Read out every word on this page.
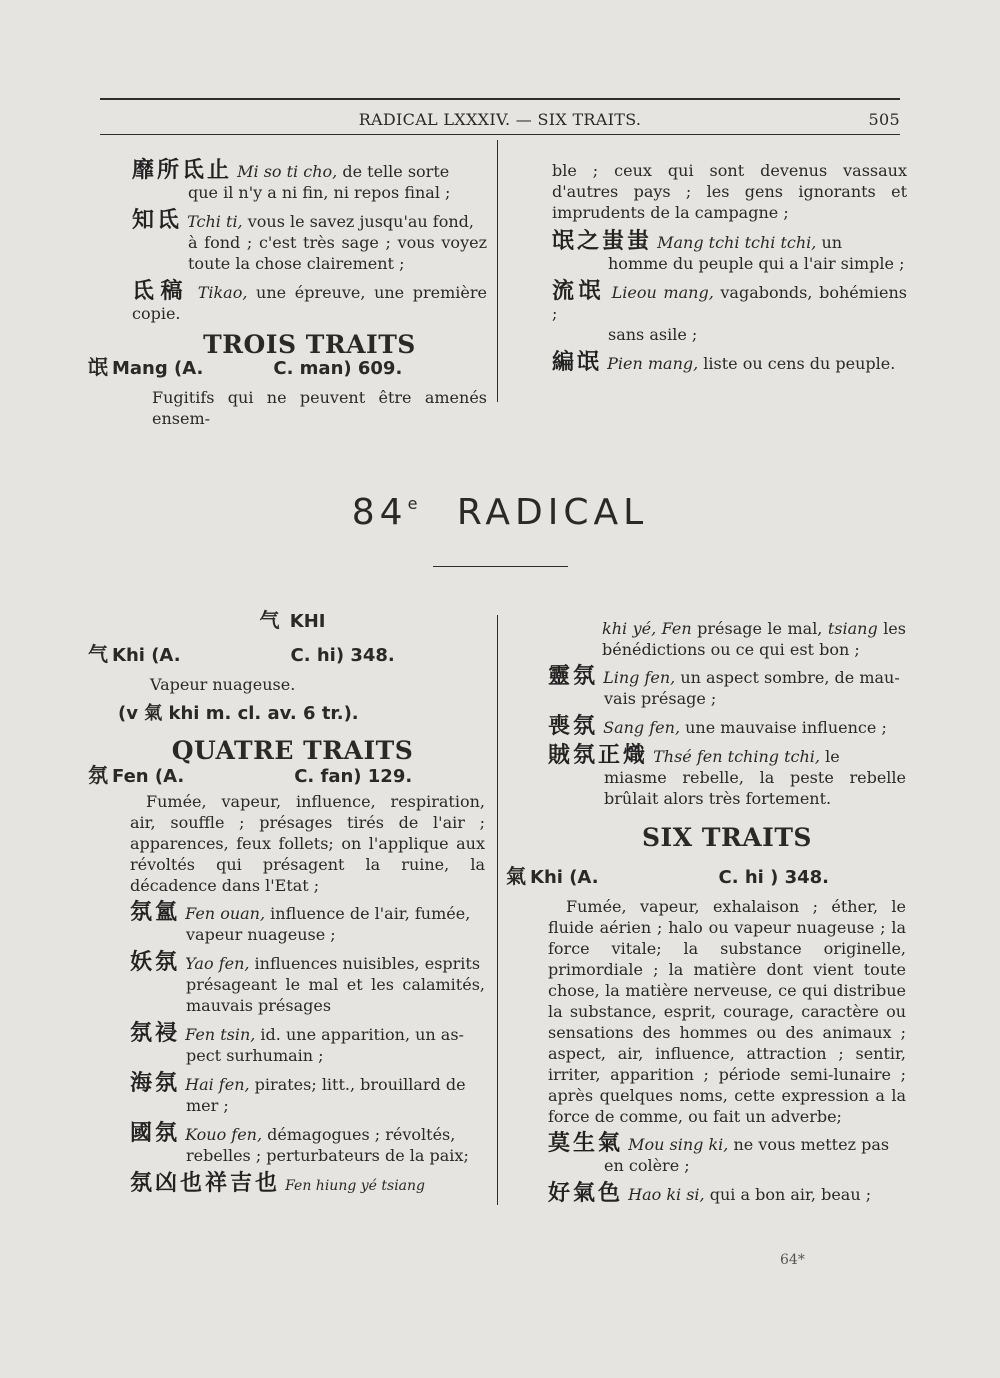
RADICAL LXXXIV. — SIX TRAITS.	505

靡所氐止 Mi so ti cho, de telle sorte

que il n'y a ni fin, ni repos final ;

知氐 Tchi ti, vous le savez jusqu'au fond,

à fond ; c'est très sage ; vous voyez toute la chose clairement ;

氐稿 Tikao, une épreuve, une première copie.

TROIS TRAITS
氓 Mang (A.	C. man) 609.

Fugitifs qui ne peuvent être amenés ensem-

ble ; ceux qui sont devenus vassaux d'autres pays ; les gens ignorants et imprudents de la campagne ;

氓之蚩蚩 Mang tchi tchi tchi, un

homme du peuple qui a l'air simple ;

流氓 Lieou mang, vagabonds, bohémiens ;

sans asile ;

編氓 Pien mang, liste ou cens du peuple.

84e RADICAL
气 KHI
气 Khi (A.	C. hi) 348.

Vapeur nuageuse.

(v 氣 khi m. cl. av. 6 tr.).
QUATRE TRAITS
氛 Fen (A.	C. fan) 129.

Fumée, vapeur, influence, respiration, air, souffle ; présages tirés de l'air ; apparences, feux follets; on l'applique aux révoltés qui présagent la ruine, la décadence dans l'Etat ;

氛氳 Fen ouan, influence de l'air, fumée,

vapeur nuageuse ;

妖氛 Yao fen, influences nuisibles, esprits

présageant le mal et les calamités, mauvais présages

氛祲 Fen tsin, id. une apparition, un as-

pect surhumain ;

海氛 Hai fen, pirates; litt., brouillard de

mer ;

國氛 Kouo fen, démagogues ; révoltés,

rebelles ; perturbateurs de la paix;

氛凶也祥吉也 Fen hiung yé tsiang

khi yé, Fen présage le mal, tsiang les bénédictions ou ce qui est bon ;

靈氛 Ling fen, un aspect sombre, de mau-

vais présage ;

喪氛 Sang fen, une mauvaise influence ;

賊氛正熾 Thsé fen tching tchi, le

miasme rebelle, la peste rebelle brûlait alors très fortement.

SIX TRAITS
氣 Khi (A.	C. hi ) 348.

Fumée, vapeur, exhalaison ; éther, le fluide aérien ; halo ou vapeur nuageuse ; la force vitale; la substance originelle, primordiale ; la matière dont vient toute chose, la matière nerveuse, ce qui distribue la substance, esprit, courage, caractère ou sensations des hommes ou des animaux ; aspect, air, influence, attraction ; sentir, irriter, apparition ; période semi-lunaire ; après quelques noms, cette expression a la force de comme, ou fait un adverbe;

莫生氣 Mou sing ki, ne vous mettez pas

en colère ;

好氣色 Hao ki si, qui a bon air, beau ;

64*
